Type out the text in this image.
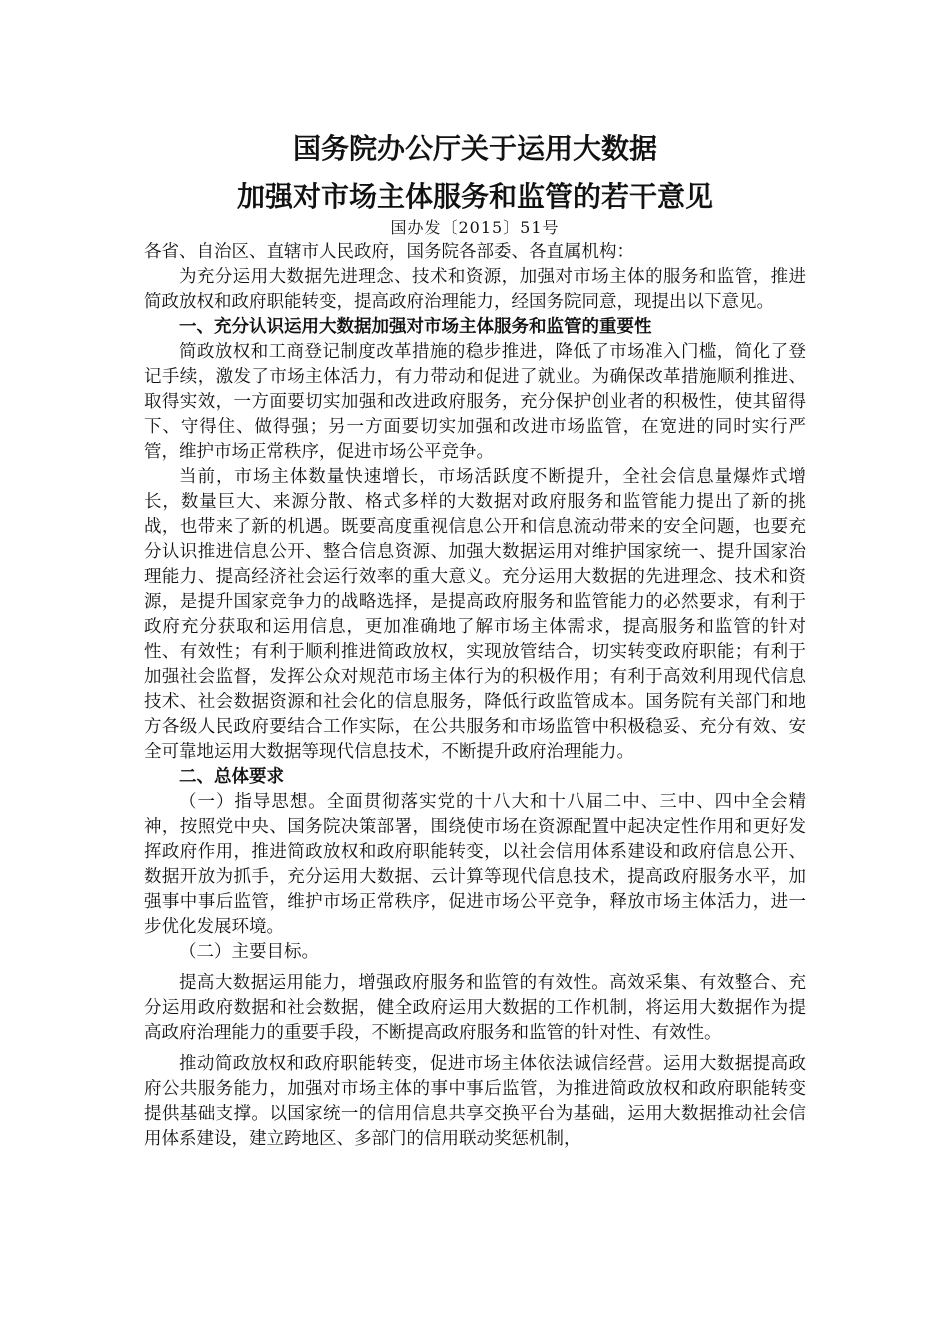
国务院办公厅关于运用大数据
加强对市场主体服务和监管的若干意见
国办发〔2015〕51号
各省、自治区、直辖市人民政府，国务院各部委、各直属机构：

为充分运用大数据先进理念、技术和资源，加强对市场主体的服务和监管，推进简政放权和政府职能转变，提高政府治理能力，经国务院同意，现提出以下意见。

一、充分认识运用大数据加强对市场主体服务和监管的重要性

简政放权和工商登记制度改革措施的稳步推进，降低了市场准入门槛，简化了登记手续，激发了市场主体活力，有力带动和促进了就业。为确保改革措施顺利推进、取得实效，一方面要切实加强和改进政府服务，充分保护创业者的积极性，使其留得下、守得住、做得强；另一方面要切实加强和改进市场监管，在宽进的同时实行严管，维护市场正常秩序，促进市场公平竞争。

当前，市场主体数量快速增长，市场活跃度不断提升，全社会信息量爆炸式增长，数量巨大、来源分散、格式多样的大数据对政府服务和监管能力提出了新的挑战，也带来了新的机遇。既要高度重视信息公开和信息流动带来的安全问题，也要充分认识推进信息公开、整合信息资源、加强大数据运用对维护国家统一、提升国家治理能力、提高经济社会运行效率的重大意义。充分运用大数据的先进理念、技术和资源，是提升国家竞争力的战略选择，是提高政府服务和监管能力的必然要求，有利于政府充分获取和运用信息，更加准确地了解市场主体需求，提高服务和监管的针对性、有效性；有利于顺利推进简政放权，实现放管结合，切实转变政府职能；有利于加强社会监督，发挥公众对规范市场主体行为的积极作用；有利于高效利用现代信息技术、社会数据资源和社会化的信息服务，降低行政监管成本。国务院有关部门和地方各级人民政府要结合工作实际，在公共服务和市场监管中积极稳妥、充分有效、安全可靠地运用大数据等现代信息技术，不断提升政府治理能力。

二、总体要求

（一）指导思想。全面贯彻落实党的十八大和十八届二中、三中、四中全会精神，按照党中央、国务院决策部署，围绕使市场在资源配置中起决定性作用和更好发挥政府作用，推进简政放权和政府职能转变，以社会信用体系建设和政府信息公开、数据开放为抓手，充分运用大数据、云计算等现代信息技术，提高政府服务水平，加强事中事后监管，维护市场正常秩序，促进市场公平竞争，释放市场主体活力，进一步优化发展环境。

（二）主要目标。

提高大数据运用能力，增强政府服务和监管的有效性。高效采集、有效整合、充分运用政府数据和社会数据，健全政府运用大数据的工作机制，将运用大数据作为提高政府治理能力的重要手段，不断提高政府服务和监管的针对性、有效性。

推动简政放权和政府职能转变，促进市场主体依法诚信经营。运用大数据提高政府公共服务能力，加强对市场主体的事中事后监管，为推进简政放权和政府职能转变提供基础支撑。以国家统一的信用信息共享交换平台为基础，运用大数据推动社会信用体系建设，建立跨地区、多部门的信用联动奖惩机制，
